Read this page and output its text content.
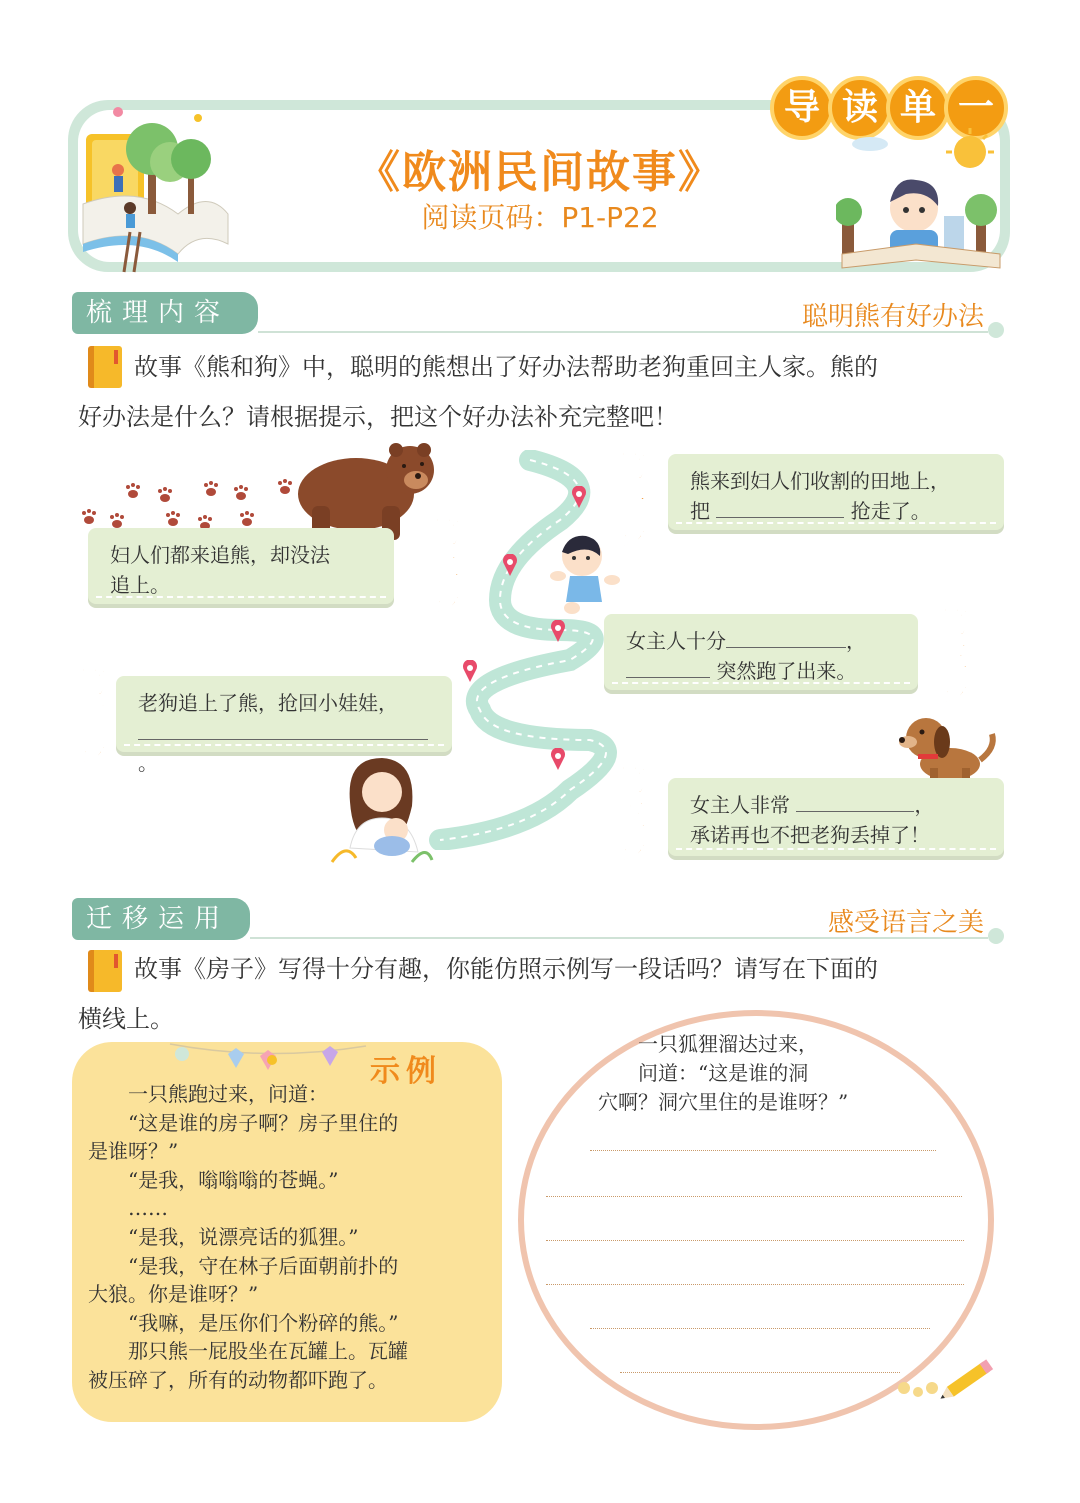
《欧洲民间故事》
阅读页码：P1-P22
导 读 单 一
梳理内容	聪明熊有好办法
故事《熊和狗》中，聪明的熊想出了好办法帮助老狗重回主人家。熊的
好办法是什么？请根据提示，把这个好办法补充完整吧！
熊来到妇人们收割的田地上，
把	抢走了。
第一步
妇人们都来追熊，却没法
追上。
第二步
女主人十分	，
突然跑了出来。
第三步
老狗追上了熊，抢回小娃娃，
。
第四步
女主人非常	，
承诺再也不把老狗丢掉了！
第五步
迁移运用	感受语言之美
故事《房子》写得十分有趣，你能仿照示例写一段话吗？请写在下面的
横线上。
示例
　　一只熊跑过来，问道：
　　“这是谁的房子啊？房子里住的
是谁呀？”
　　“是我，嗡嗡嗡的苍蝇。”
　　……
　　“是我，说漂亮话的狐狸。”
　　“是我，守在林子后面朝前扑的
大狼。你是谁呀？”
　　“我嘛，是压你们个粉碎的熊。”
　　那只熊一屁股坐在瓦罐上。瓦罐
被压碎了，所有的动物都吓跑了。
一只狐狸溜达过来，
问道：“这是谁的洞
穴啊？洞穴里住的是谁呀？”
